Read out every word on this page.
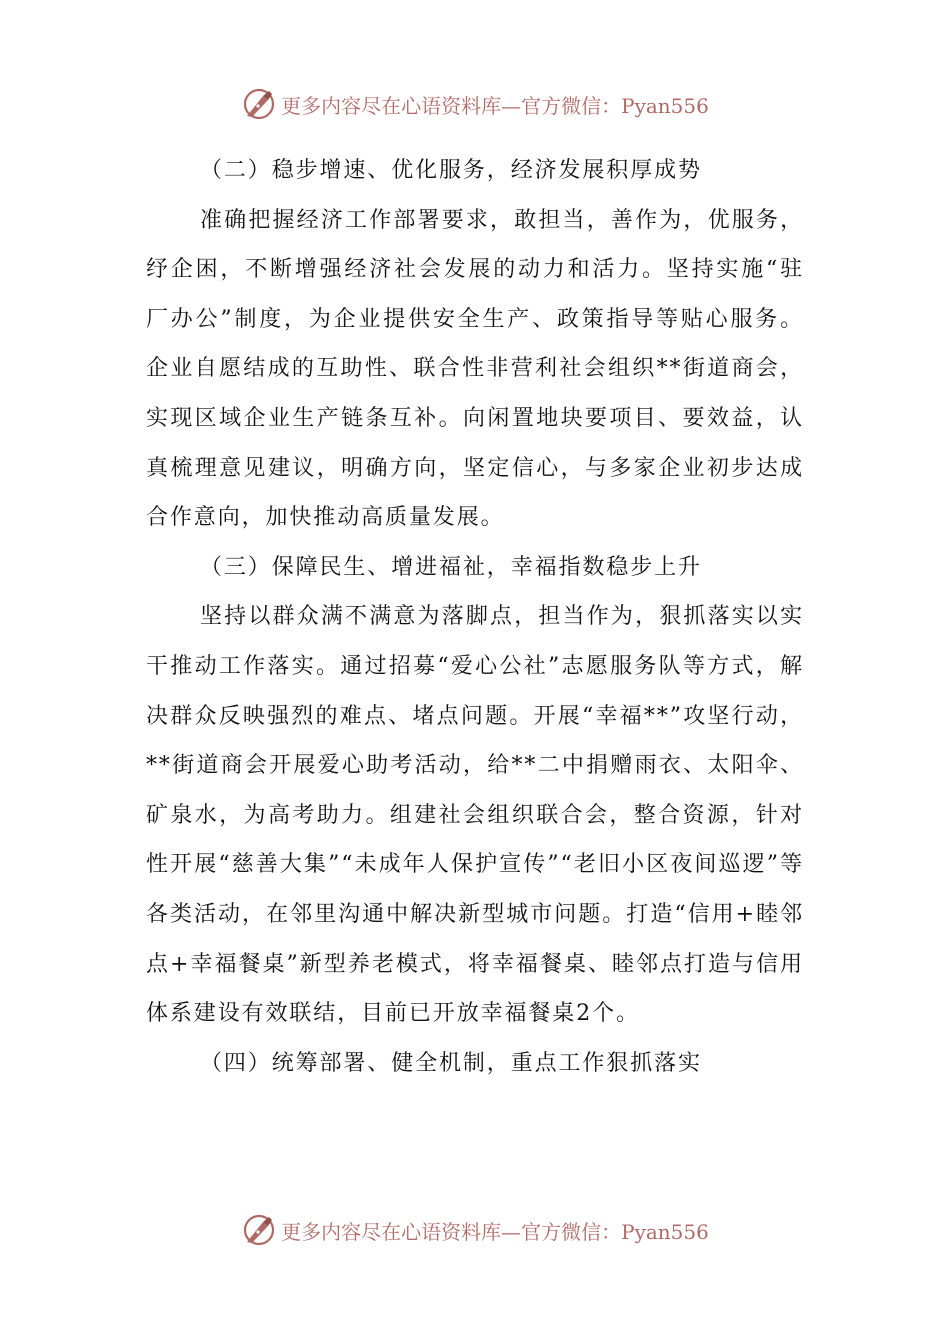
更多内容尽在心语资料库—官方微信：Pyan556

（二）稳步增速、优化服务，经济发展积厚成势

准确把握经济工作部署要求，敢担当，善作为，优服务，纾企困，不断增强经济社会发展的动力和活力。坚持实施“驻厂办公”制度，为企业提供安全生产、政策指导等贴心服务。企业自愿结成的互助性、联合性非营利社会组织**街道商会，实现区域企业生产链条互补。向闲置地块要项目、要效益，认真梳理意见建议，明确方向，坚定信心，与多家企业初步达成合作意向，加快推动高质量发展。

（三）保障民生、增进福祉，幸福指数稳步上升

坚持以群众满不满意为落脚点，担当作为，狠抓落实以实干推动工作落实。通过招募“爱心公社”志愿服务队等方式，解决群众反映强烈的难点、堵点问题。开展“幸福**”攻坚行动，**街道商会开展爱心助考活动，给**二中捐赠雨衣、太阳伞、矿泉水，为高考助力。组建社会组织联合会，整合资源，针对性开展“慈善大集”“未成年人保护宣传”“老旧小区夜间巡逻”等各类活动，在邻里沟通中解决新型城市问题。打造“信用+睦邻点+幸福餐桌”新型养老模式，将幸福餐桌、睦邻点打造与信用体系建设有效联结，目前已开放幸福餐桌2个。

（四）统筹部署、健全机制，重点工作狠抓落实

更多内容尽在心语资料库—官方微信：Pyan556
